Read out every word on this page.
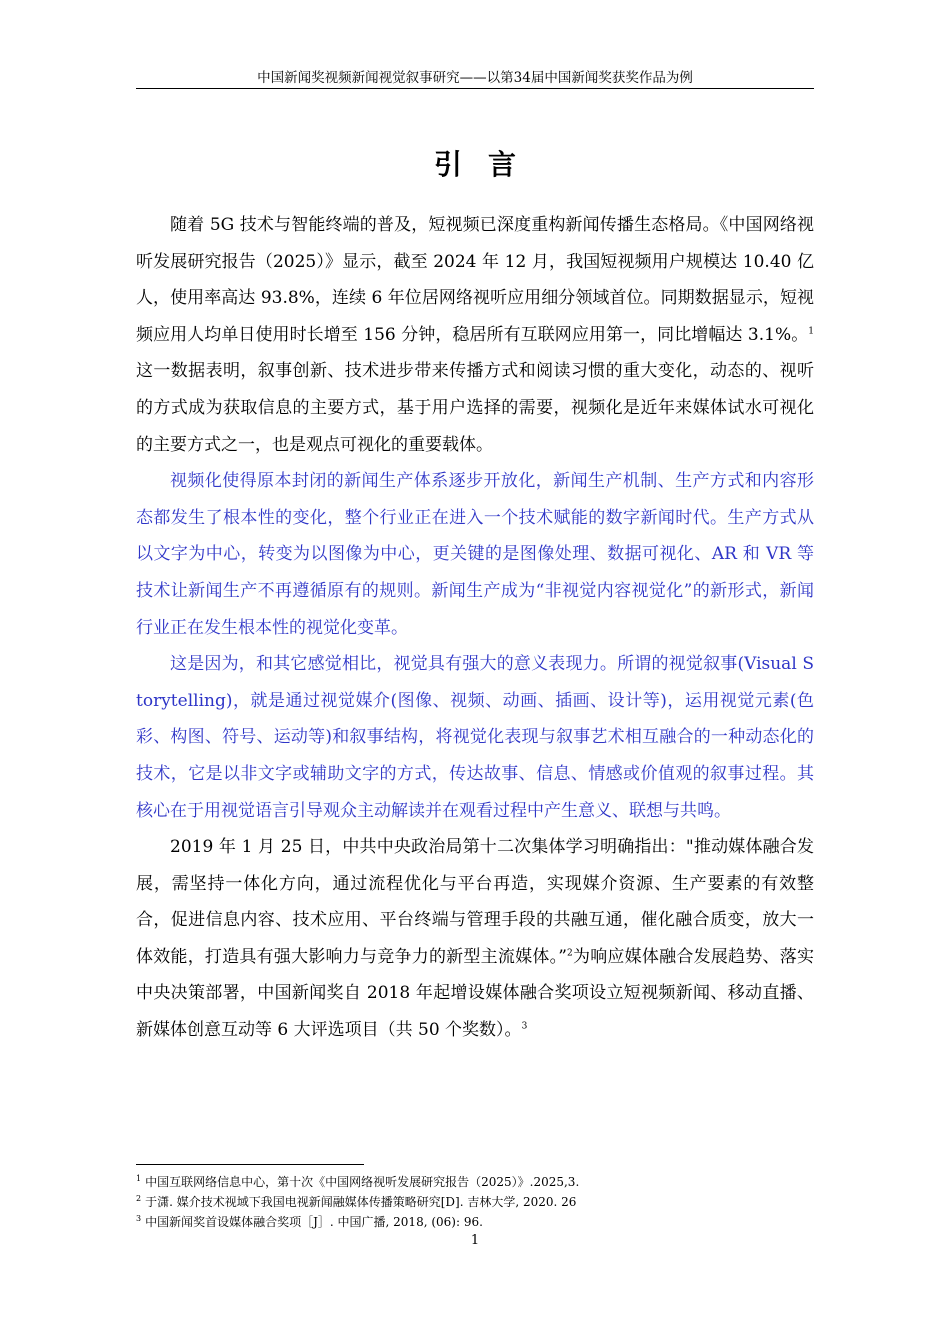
中国新闻奖视频新闻视觉叙事研究——以第34届中国新闻奖获奖作品为例
引言

随着 5G 技术与智能终端的普及，短视频已深度重构新闻传播生态格局。《中国网络视听发展研究报告（2025）》显示，截至 2024 年 12 月，我国短视频用户规模达 10.40 亿人，使用率高达 93.8%，连续 6 年位居网络视听应用细分领域首位。同期数据显示，短视频应用人均单日使用时长增至 156 分钟，稳居所有互联网应用第一，同比增幅达 3.1%。$^1$这一数据表明，叙事创新、技术进步带来传播方式和阅读习惯的重大变化，动态的、视听的方式成为获取信息的主要方式，基于用户选择的需要，视频化是近年来媒体试水可视化的主要方式之一，也是观点可视化的重要载体。

视频化使得原本封闭的新闻生产体系逐步开放化，新闻生产机制、生产方式和内容形态都发生了根本性的变化，整个行业正在进入一个技术赋能的数字新闻时代。生产方式从以文字为中心，转变为以图像为中心，更关键的是图像处理、数据可视化、AR 和 VR 等技术让新闻生产不再遵循原有的规则。新闻生产成为“非视觉内容视觉化”的新形式，新闻行业正在发生根本性的视觉化变革。

这是因为，和其它感觉相比，视觉具有强大的意义表现力。所谓的视觉叙事(Visual Storytelling)，就是通过视觉媒介(图像、视频、动画、插画、设计等)，运用视觉元素(色彩、构图、符号、运动等)和叙事结构，将视觉化表现与叙事艺术相互融合的一种动态化的技术，它是以非文字或辅助文字的方式，传达故事、信息、情感或价值观的叙事过程。其核心在于用视觉语言引导观众主动解读并在观看过程中产生意义、联想与共鸣。

2019 年 1 月 25 日，中共中央政治局第十二次集体学习明确指出："推动媒体融合发展，需坚持一体化方向，通过流程优化与平台再造，实现媒介资源、生产要素的有效整合，促进信息内容、技术应用、平台终端与管理手段的共融互通，催化融合质变，放大一体效能，打造具有强大影响力与竞争力的新型主流媒体。”$^2$为响应媒体融合发展趋势、落实中央决策部署，中国新闻奖自 2018 年起增设媒体融合奖项设立短视频新闻、移动直播、新媒体创意互动等 6 大评选项目（共 50 个奖数）。$^3$

$^1$ 中国互联网络信息中心，第十次《中国网络视听发展研究报告（2025）》.2025,3.

$^2$ 于潇. 媒介技术视域下我国电视新闻融媒体传播策略研究[D]. 吉林大学, 2020. 26

$^3$ 中国新闻奖首设媒体融合奖项［J］. 中国广播, 2018, (06): 96.

1
